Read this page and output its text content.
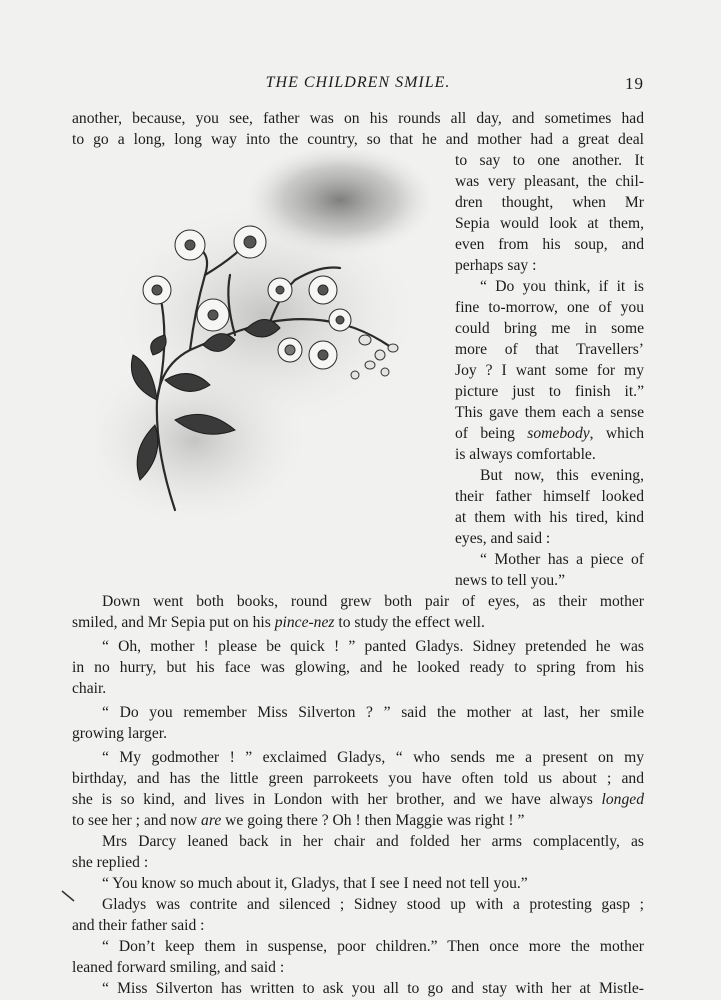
THE CHILDREN SMILE.	19
another, because, you see, father was on his rounds all day, and sometimes had
to go a long, long way into the country, so that he and mother had a great deal
to say to one another. It
was very pleasant, the chil-
dren thought, when Mr
Sepia would look at them,
even from his soup, and
perhaps say :
“ Do you think, if it is
fine to-morrow, one of you
could bring me in some
more of that Travellers’
Joy ? I want some for my
picture just to finish it.”
This gave them each a sense
of being somebody, which
is always comfortable.
But now, this evening,
their father himself looked
at them with his tired, kind
eyes, and said :
“ Mother has a piece of
news to tell you.”
Down went both books, round grew both pair of eyes, as their mother
smiled, and Mr Sepia put on his pince-nez to study the effect well.
“ Oh, mother ! please be quick ! ” panted Gladys. Sidney pretended he was
in no hurry, but his face was glowing, and he looked ready to spring from his
chair.
“ Do you remember Miss Silverton ? ” said the mother at last, her smile
growing larger.
“ My godmother ! ” exclaimed Gladys, “ who sends me a present on my
birthday, and has the little green parrokeets you have often told us about ; and
she is so kind, and lives in London with her brother, and we have always longed
to see her ; and now are we going there ? Oh ! then Maggie was right ! ”
Mrs Darcy leaned back in her chair and folded her arms complacently, as
she replied :
“ You know so much about it, Gladys, that I see I need not tell you.”
Gladys was contrite and silenced ; Sidney stood up with a protesting gasp ;
and their father said :
“ Don’t keep them in suspense, poor children.” Then once more the mother
leaned forward smiling, and said :
“ Miss Silverton has written to ask you all to go and stay with her at Mistle-
